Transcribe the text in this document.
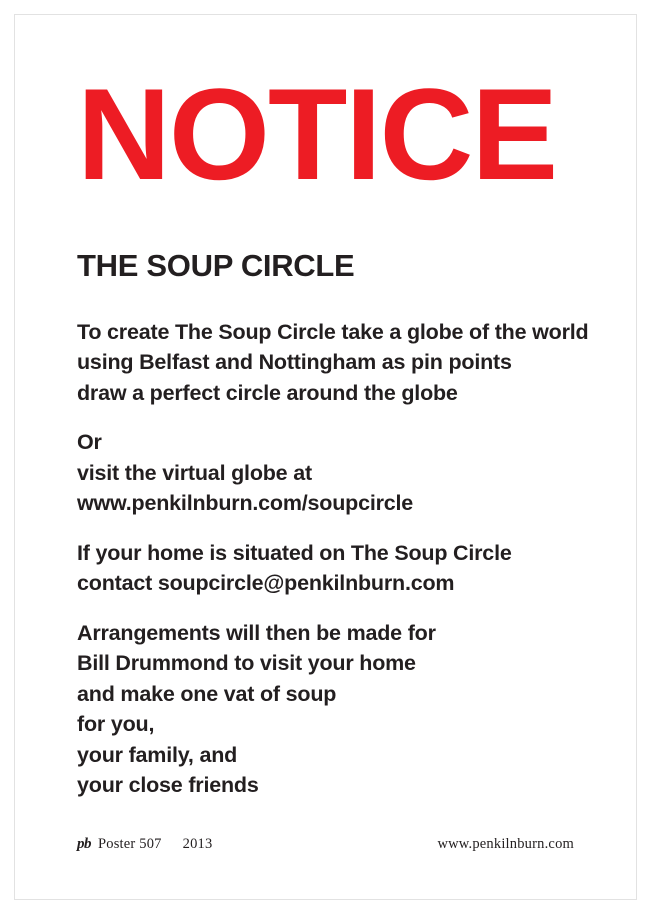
NOTICE
THE SOUP CIRCLE

To create The Soup Circle take a globe of the world
using Belfast and Nottingham as pin points
draw a perfect circle around the globe

Or
visit the virtual globe at
www.penkilnburn.com/soupcircle

If your home is situated on The Soup Circle
contact soupcircle@penkilnburn.com

Arrangements will then be made for
Bill Drummond to visit your home
and make one vat of soup
for you,
your family, and
your close friends

pb Poster 507	2013	www.penkilnburn.com
